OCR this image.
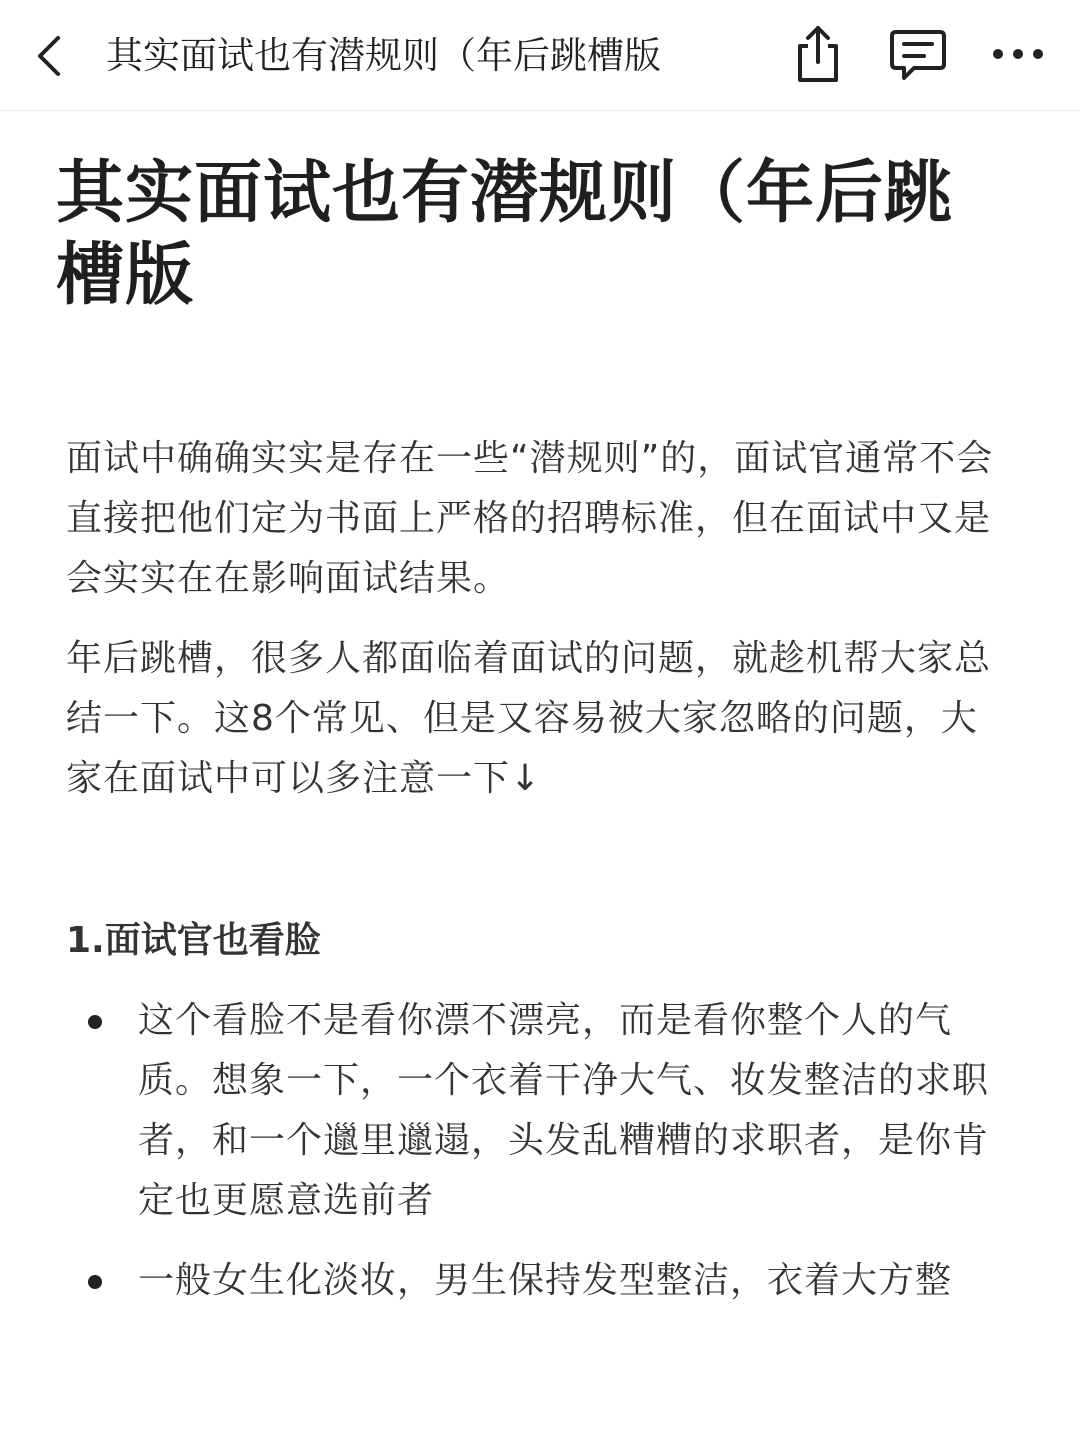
其实面试也有潜规则（年后跳槽版
其实面试也有潜规则（年后跳槽版

面试中确确实实是存在一些“潜规则”的，面试官通常不会直接把他们定为书面上严格的招聘标准，但在面试中又是会实实在在影响面试结果。

年后跳槽，很多人都面临着面试的问题，就趁机帮大家总结一下。这8个常见、但是又容易被大家忽略的问题，大家在面试中可以多注意一下↓

1.面试官也看脸
这个看脸不是看你漂不漂亮，而是看你整个人的气质。想象一下，一个衣着干净大气、妆发整洁的求职者，和一个邋里邋遢，头发乱糟糟的求职者，是你肯定也更愿意选前者
一般女生化淡妆，男生保持发型整洁，衣着大方整
